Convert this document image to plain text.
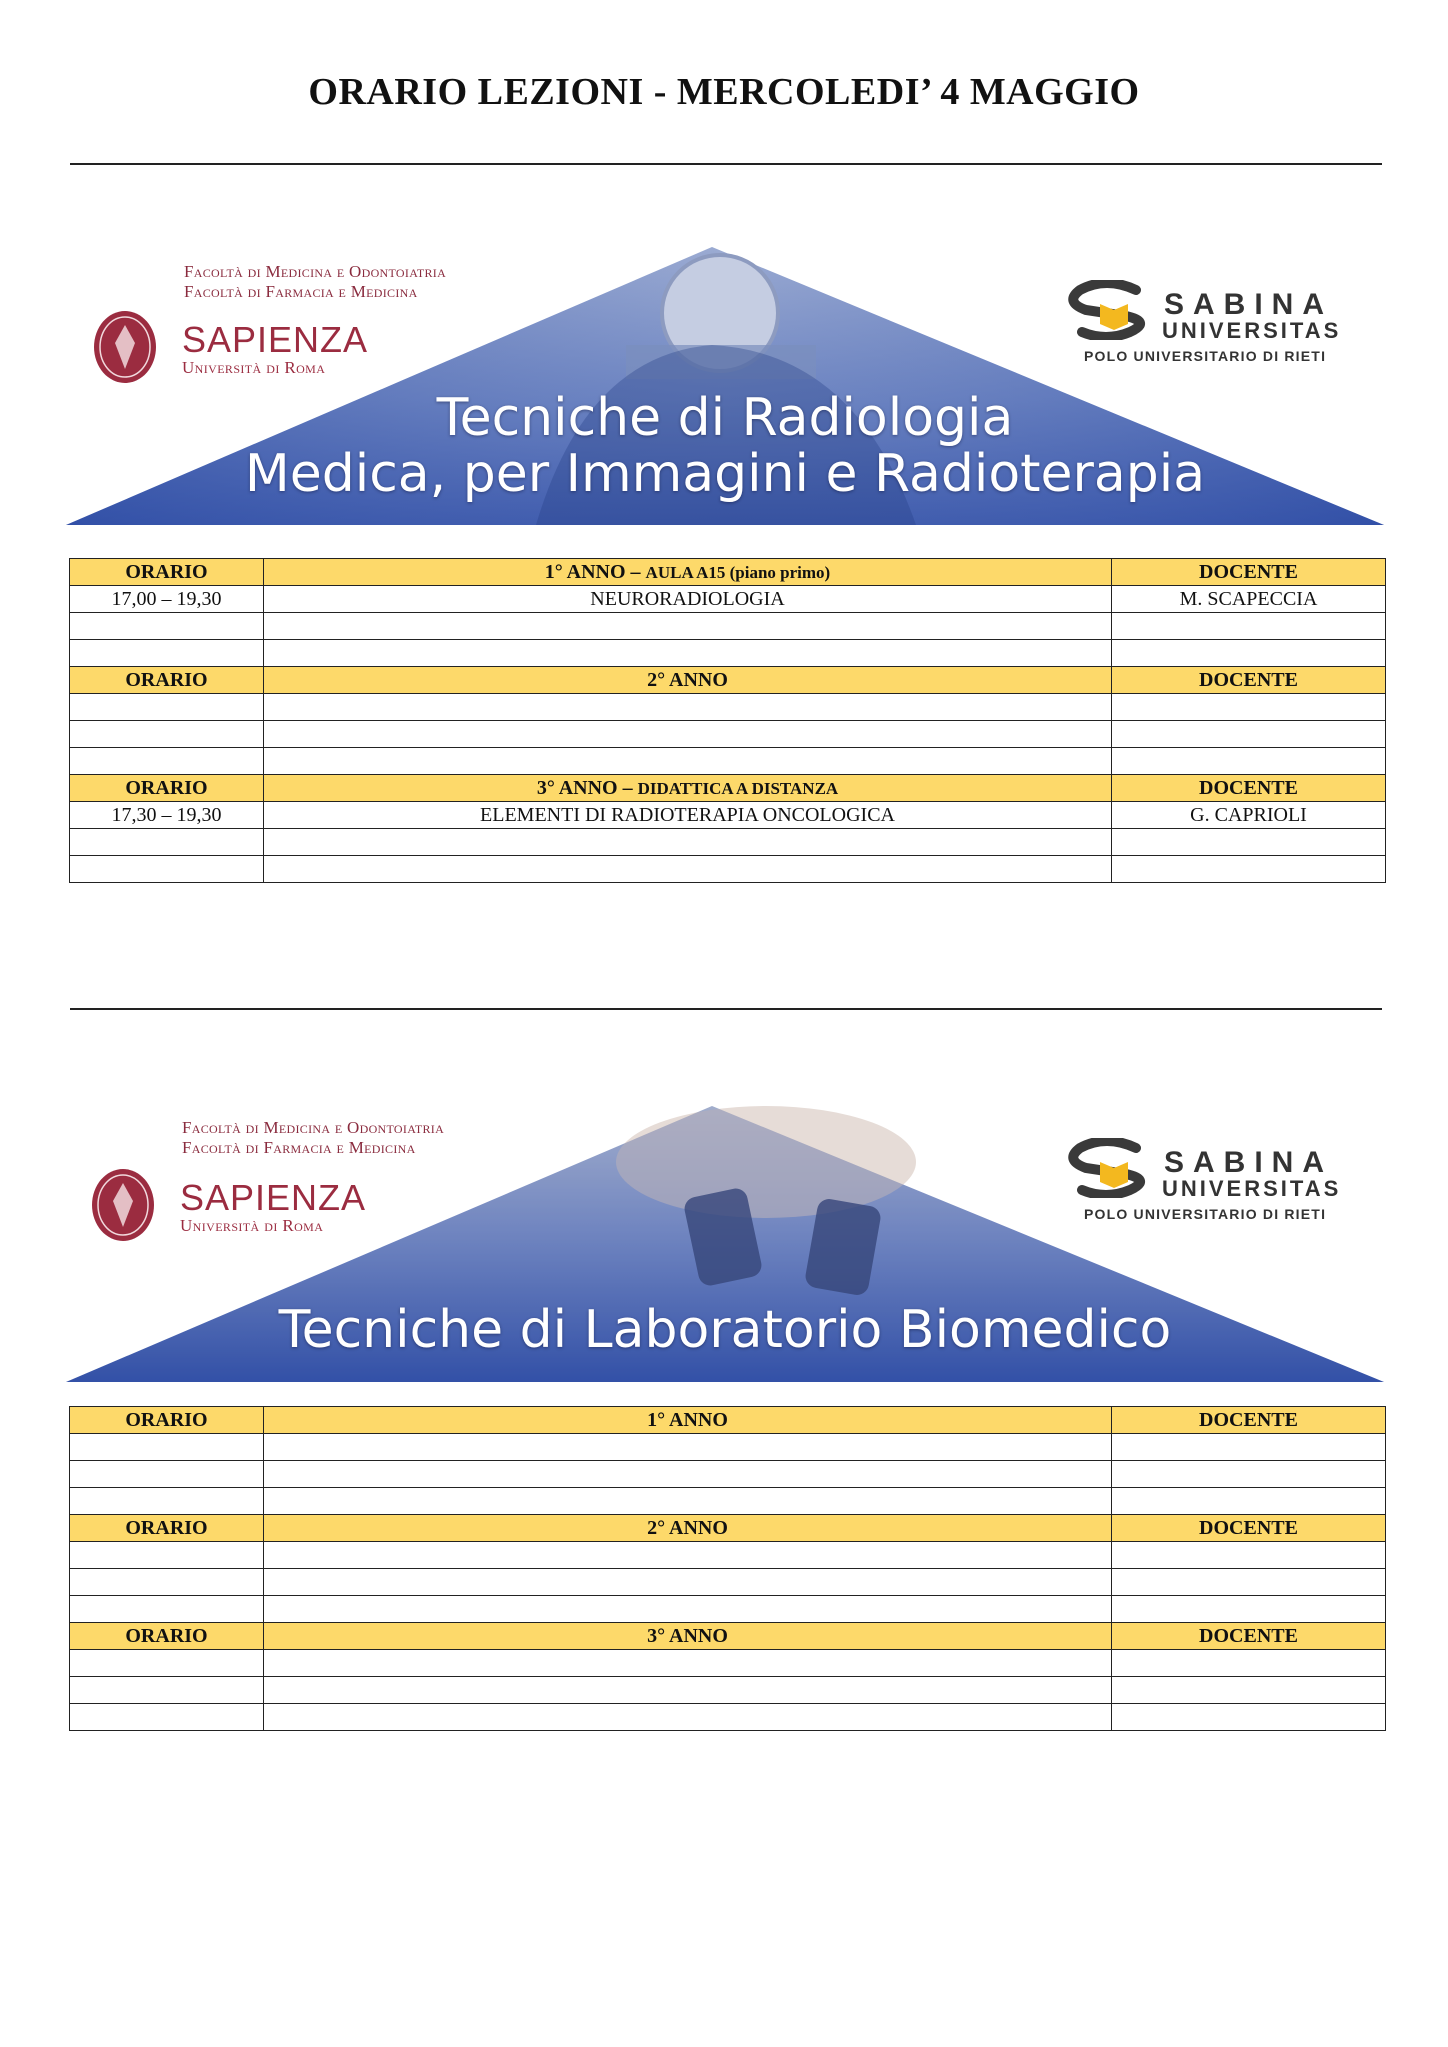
ORARIO LEZIONI - MERCOLEDI’ 4 MAGGIO
Facoltà di Medicina e Odontoiatria
Facoltà di Farmacia e Medicina
SAPIENZA
Università di Roma
SABINA
UNIVERSITAS
POLO UNIVERSITARIO DI RIETI
Tecniche di Radiologia
Medica, per Immagini e Radioterapia
ORARIO	1° ANNO – AULA A15 (piano primo)	DOCENTE
17,00 – 19,30	NEURORADIOLOGIA	M. SCAPECCIA

ORARIO	2° ANNO	DOCENTE

ORARIO	3° ANNO – DIDATTICA A DISTANZA	DOCENTE
17,30 – 19,30	ELEMENTI DI RADIOTERAPIA ONCOLOGICA	G. CAPRIOLI

Facoltà di Medicina e Odontoiatria
Facoltà di Farmacia e Medicina
SAPIENZA
Università di Roma
SABINA
UNIVERSITAS
POLO UNIVERSITARIO DI RIETI
Tecniche di Laboratorio Biomedico
ORARIO	1° ANNO	DOCENTE

ORARIO	2° ANNO	DOCENTE

ORARIO	3° ANNO	DOCENTE
